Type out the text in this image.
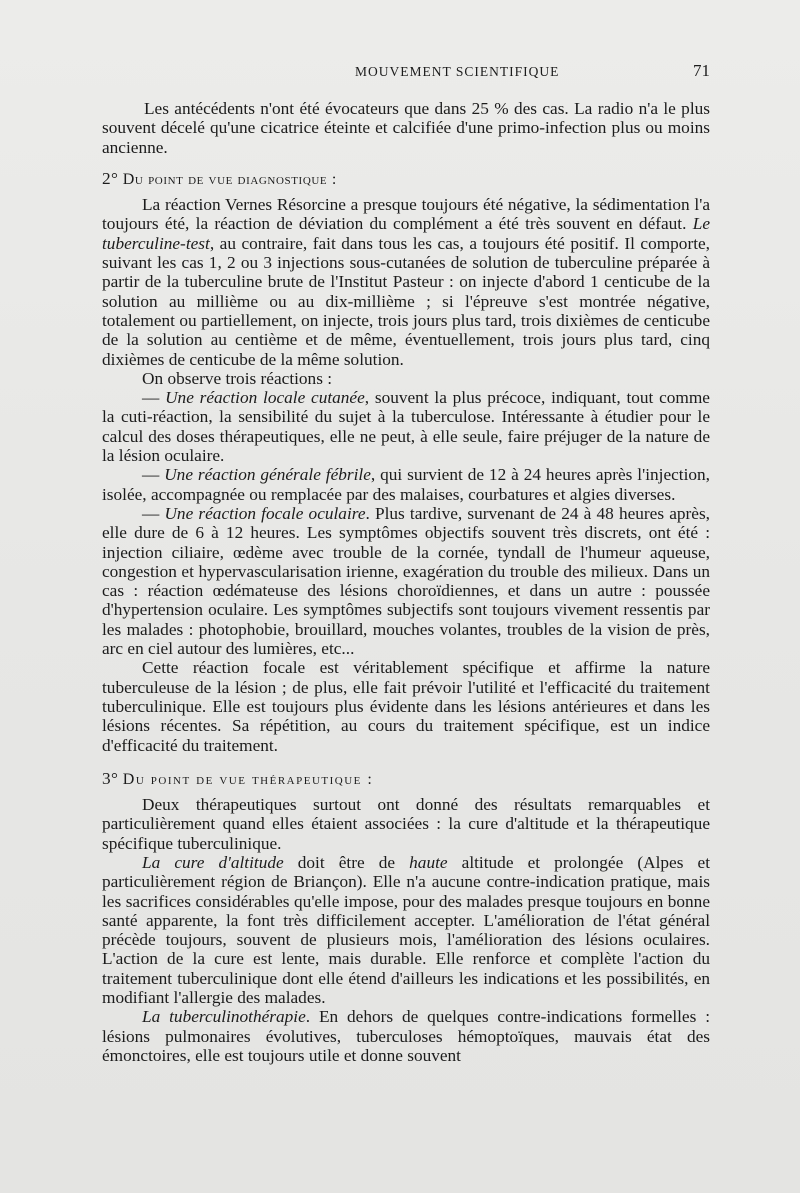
MOUVEMENT SCIENTIFIQUE	71

Les antécédents n'ont été évocateurs que dans 25 % des cas. La radio n'a le plus souvent décelé qu'une cicatrice éteinte et calcifiée d'une primo-infection plus ou moins ancienne.

2° Du point de vue diagnostique :

La réaction Vernes Résorcine a presque toujours été négative, la sédimentation l'a toujours été, la réaction de déviation du complément a été très souvent en défaut. Le tuberculine-test, au contraire, fait dans tous les cas, a toujours été positif. Il comporte, suivant les cas 1, 2 ou 3 injections sous-cutanées de solution de tuberculine préparée à partir de la tuberculine brute de l'Institut Pasteur : on injecte d'abord 1 centicube de la solution au millième ou au dix-millième ; si l'épreuve s'est montrée négative, totalement ou partiellement, on injecte, trois jours plus tard, trois dixièmes de centicube de la solution au centième et de même, éventuellement, trois jours plus tard, cinq dixièmes de centicube de la même solution.

On observe trois réactions :

— Une réaction locale cutanée, souvent la plus précoce, indiquant, tout comme la cuti-réaction, la sensibilité du sujet à la tuberculose. Intéressante à étudier pour le calcul des doses thérapeutiques, elle ne peut, à elle seule, faire préjuger de la nature de la lésion oculaire.

— Une réaction générale fébrile, qui survient de 12 à 24 heures après l'injection, isolée, accompagnée ou remplacée par des malaises, courbatures et algies diverses.

— Une réaction focale oculaire. Plus tardive, survenant de 24 à 48 heures après, elle dure de 6 à 12 heures. Les symptômes objectifs souvent très discrets, ont été : injection ciliaire, œdème avec trouble de la cornée, tyndall de l'humeur aqueuse, congestion et hypervascularisation irienne, exagération du trouble des milieux. Dans un cas : réaction œdémateuse des lésions choroïdiennes, et dans un autre : poussée d'hypertension oculaire. Les symptômes subjectifs sont toujours vivement ressentis par les malades : photophobie, brouillard, mouches volantes, troubles de la vision de près, arc en ciel autour des lumières, etc...

Cette réaction focale est véritablement spécifique et affirme la nature tuberculeuse de la lésion ; de plus, elle fait prévoir l'utilité et l'efficacité du traitement tuberculinique. Elle est toujours plus évidente dans les lésions antérieures et dans les lésions récentes. Sa répétition, au cours du traitement spécifique, est un indice d'efficacité du traitement.

3° Du point de vue thérapeutique :

Deux thérapeutiques surtout ont donné des résultats remarquables et particulièrement quand elles étaient associées : la cure d'altitude et la thérapeutique spécifique tuberculinique.

La cure d'altitude doit être de haute altitude et prolongée (Alpes et particulièrement région de Briançon). Elle n'a aucune contre-indication pratique, mais les sacrifices considérables qu'elle impose, pour des malades presque toujours en bonne santé apparente, la font très difficilement accepter. L'amélioration de l'état général précède toujours, souvent de plusieurs mois, l'amélioration des lésions oculaires. L'action de la cure est lente, mais durable. Elle renforce et complète l'action du traitement tuberculinique dont elle étend d'ailleurs les indications et les possibilités, en modifiant l'allergie des malades.

La tuberculinothérapie. En dehors de quelques contre-indications formelles : lésions pulmonaires évolutives, tuberculoses hémoptoïques, mauvais état des émonctoires, elle est toujours utile et donne souvent
